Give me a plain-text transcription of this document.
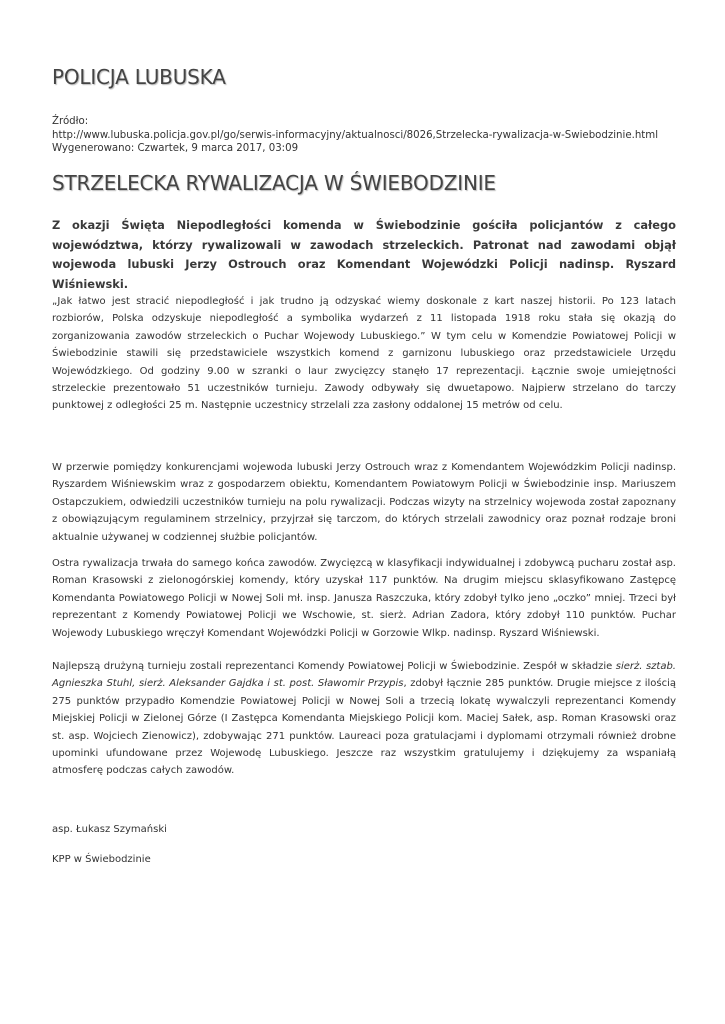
POLICJA LUBUSKA
Źródło:
http://www.lubuska.policja.gov.pl/go/serwis-informacyjny/aktualnosci/8026,Strzelecka-rywalizacja-w-Swiebodzinie.html
Wygenerowano: Czwartek, 9 marca 2017, 03:09
STRZELECKA RYWALIZACJA W ŚWIEBODZINIE

Z okazji Święta Niepodległości komenda w Świebodzinie gościła policjantów z całego województwa, którzy rywalizowali w zawodach strzeleckich. Patronat nad zawodami objął wojewoda lubuski Jerzy Ostrouch oraz Komendant Wojewódzki Policji nadinsp. Ryszard Wiśniewski.

„Jak łatwo jest stracić niepodległość i jak trudno ją odzyskać wiemy doskonale z kart naszej historii. Po 123 latach rozbiorów, Polska odzyskuje niepodległość a symbolika wydarzeń z 11 listopada 1918 roku stała się okazją do zorganizowania zawodów strzeleckich o Puchar Wojewody Lubuskiego.” W tym celu w Komendzie Powiatowej Policji w Świebodzinie stawili się przedstawiciele wszystkich komend z garnizonu lubuskiego oraz przedstawiciele Urzędu Wojewódzkiego. Od godziny 9.00 w szranki o laur zwycięzcy stanęło 17 reprezentacji. Łącznie swoje umiejętności strzeleckie prezentowało 51 uczestników turnieju. Zawody odbywały się dwuetapowo. Najpierw strzelano do tarczy punktowej z odległości 25 m. Następnie uczestnicy strzelali zza zasłony oddalonej 15 metrów od celu.

W przerwie pomiędzy konkurencjami wojewoda lubuski Jerzy Ostrouch wraz z Komendantem Wojewódzkim Policji nadinsp. Ryszardem Wiśniewskim wraz z gospodarzem obiektu, Komendantem Powiatowym Policji w Świebodzinie insp. Mariuszem Ostapczukiem, odwiedzili uczestników turnieju na polu rywalizacji. Podczas wizyty na strzelnicy wojewoda został zapoznany z obowiązującym regulaminem strzelnicy, przyjrzał się tarczom, do których strzelali zawodnicy oraz poznał rodzaje broni aktualnie używanej w codziennej służbie policjantów.

Ostra rywalizacja trwała do samego końca zawodów. Zwycięzcą w klasyfikacji indywidualnej i zdobywcą pucharu został asp. Roman Krasowski z zielonogórskiej komendy, który uzyskał 117 punktów. Na drugim miejscu sklasyfikowano Zastępcę Komendanta Powiatowego Policji w Nowej Soli mł. insp. Janusza Raszczuka, który zdobył tylko jeno „oczko” mniej. Trzeci był reprezentant z Komendy Powiatowej Policji we Wschowie, st. sierż. Adrian Zadora, który zdobył 110 punktów. Puchar Wojewody Lubuskiego wręczył Komendant Wojewódzki Policji w Gorzowie Wlkp. nadinsp. Ryszard Wiśniewski.

Najlepszą drużyną turnieju zostali reprezentanci Komendy Powiatowej Policji w Świebodzinie. Zespół w składzie sierż. sztab. Agnieszka Stuhl, sierż. Aleksander Gajdka i st. post. Sławomir Przypis, zdobył łącznie 285 punktów. Drugie miejsce z ilością 275 punktów przypadło Komendzie Powiatowej Policji w Nowej Soli a trzecią lokatę wywalczyli reprezentanci Komendy Miejskiej Policji w Zielonej Górze (I Zastępca Komendanta Miejskiego Policji kom. Maciej Sałek, asp. Roman Krasowski oraz st. asp. Wojciech Zienowicz), zdobywając 271 punktów. Laureaci poza gratulacjami i dyplomami otrzymali również drobne upominki ufundowane przez Wojewodę Lubuskiego. Jeszcze raz wszystkim gratulujemy i dziękujemy za wspaniałą atmosferę podczas całych zawodów.

asp. Łukasz Szymański
KPP w Świebodzinie
